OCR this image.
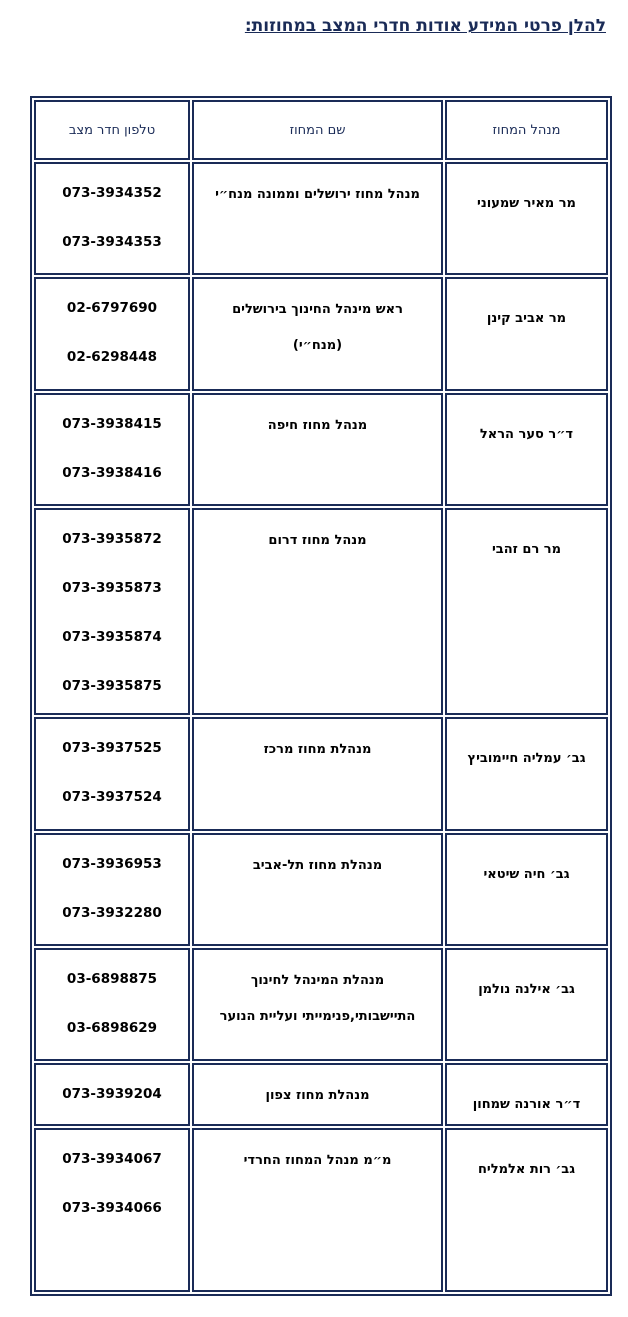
להלן פרטי המידע אודות חדרי המצב במחוזות:
מנהל המחוז	שם המחוז	טלפון חדר מצב

מר מאיר שמעוני	מנהל מחוז ירושלים וממונה מנח״י	073-3934352
073-3934353

מר אביב קינן	ראש מינהל החינוך בירושלים
(מנח״י)	02-6797690
02-6298448

ד״ר סער הראל	מנהל מחוז חיפה	073-3938415
073-3938416

מר רם זהבי	מנהל מחוז דרום	073-3935872
073-3935873
073-3935874
073-3935875

גב׳ עמליה חיימוביץ	מנהלת מחוז מרכז	073-3937525
073-3937524

גב׳ חיה שיטאי	מנהלת מחוז תל-אביב	073-3936953
073-3932280

גב׳ אילנה נולמן	מנהלת המינהל לחינוך
התיישבותי,פנימייתי ועליית הנוער	03-6898875
03-6898629

ד״ר אורנה שמחון	מנהלת מחוז צפון	073-3939204

גב׳ רות אלמליח	מ״מ מנהל המחוז החרדי	073-3934067
073-3934066
